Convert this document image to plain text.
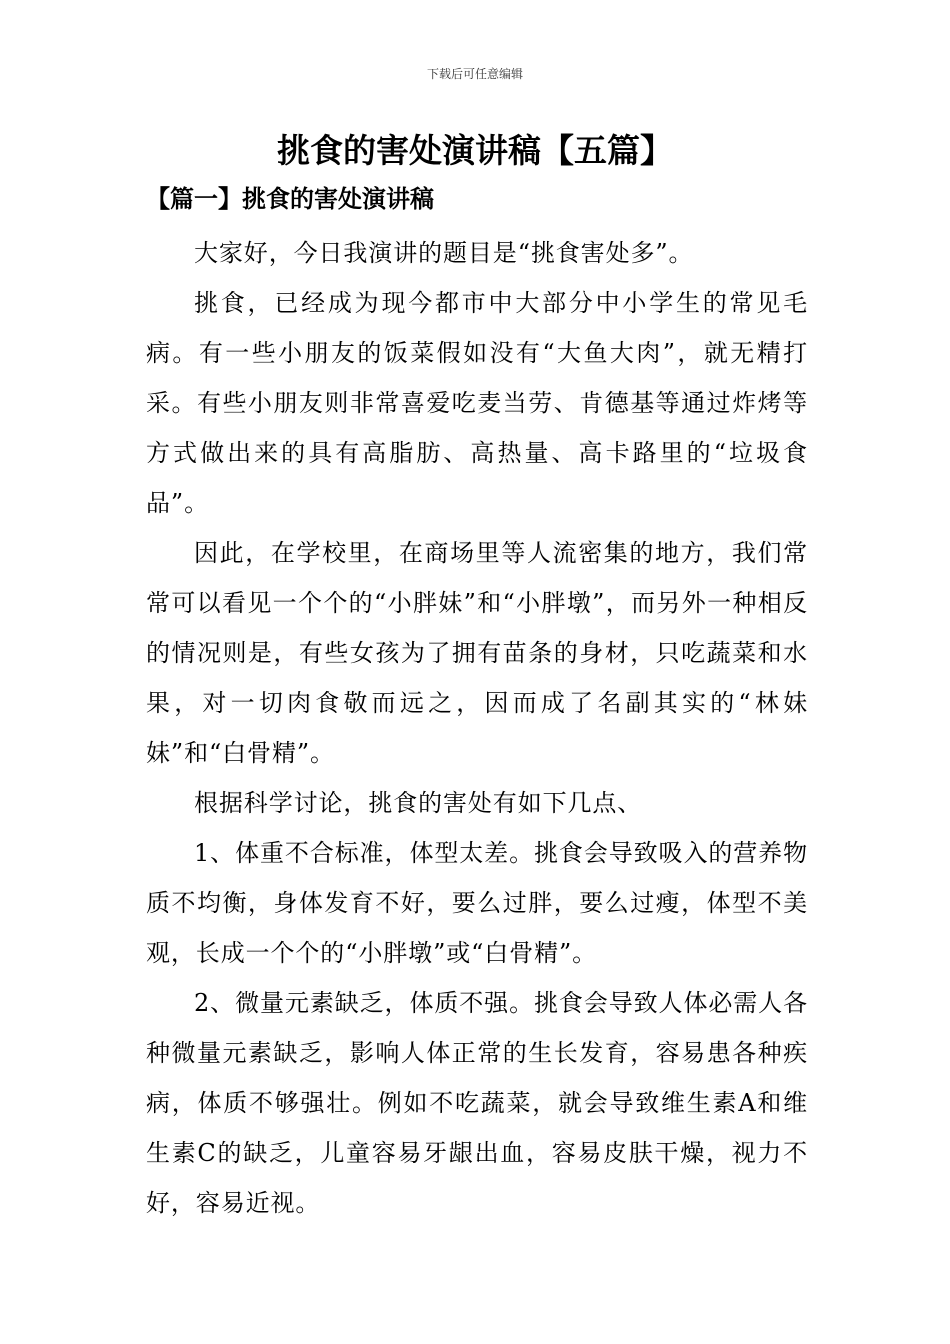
下载后可任意编辑

挑食的害处演讲稿【五篇】
【篇一】挑食的害处演讲稿

大家好，今日我演讲的题目是“挑食害处多”。

挑食，已经成为现今都市中大部分中小学生的常见毛病。有一些小朋友的饭菜假如没有“大鱼大肉”，就无精打采。有些小朋友则非常喜爱吃麦当劳、肯德基等通过炸烤等方式做出来的具有高脂肪、高热量、高卡路里的“垃圾食品”。

因此，在学校里，在商场里等人流密集的地方，我们常常可以看见一个个的“小胖妹”和“小胖墩”，而另外一种相反的情况则是，有些女孩为了拥有苗条的身材，只吃蔬菜和水果，对一切肉食敬而远之，因而成了名副其实的“林妹妹”和“白骨精”。

根据科学讨论，挑食的害处有如下几点、

1、体重不合标准，体型太差。挑食会导致吸入的营养物质不均衡，身体发育不好，要么过胖，要么过瘦，体型不美观，长成一个个的“小胖墩”或“白骨精”。

2、微量元素缺乏，体质不强。挑食会导致人体必需人各种微量元素缺乏，影响人体正常的生长发育，容易患各种疾病，体质不够强壮。例如不吃蔬菜，就会导致维生素A和维生素C的缺乏，儿童容易牙龈出血，容易皮肤干燥，视力不好，容易近视。
